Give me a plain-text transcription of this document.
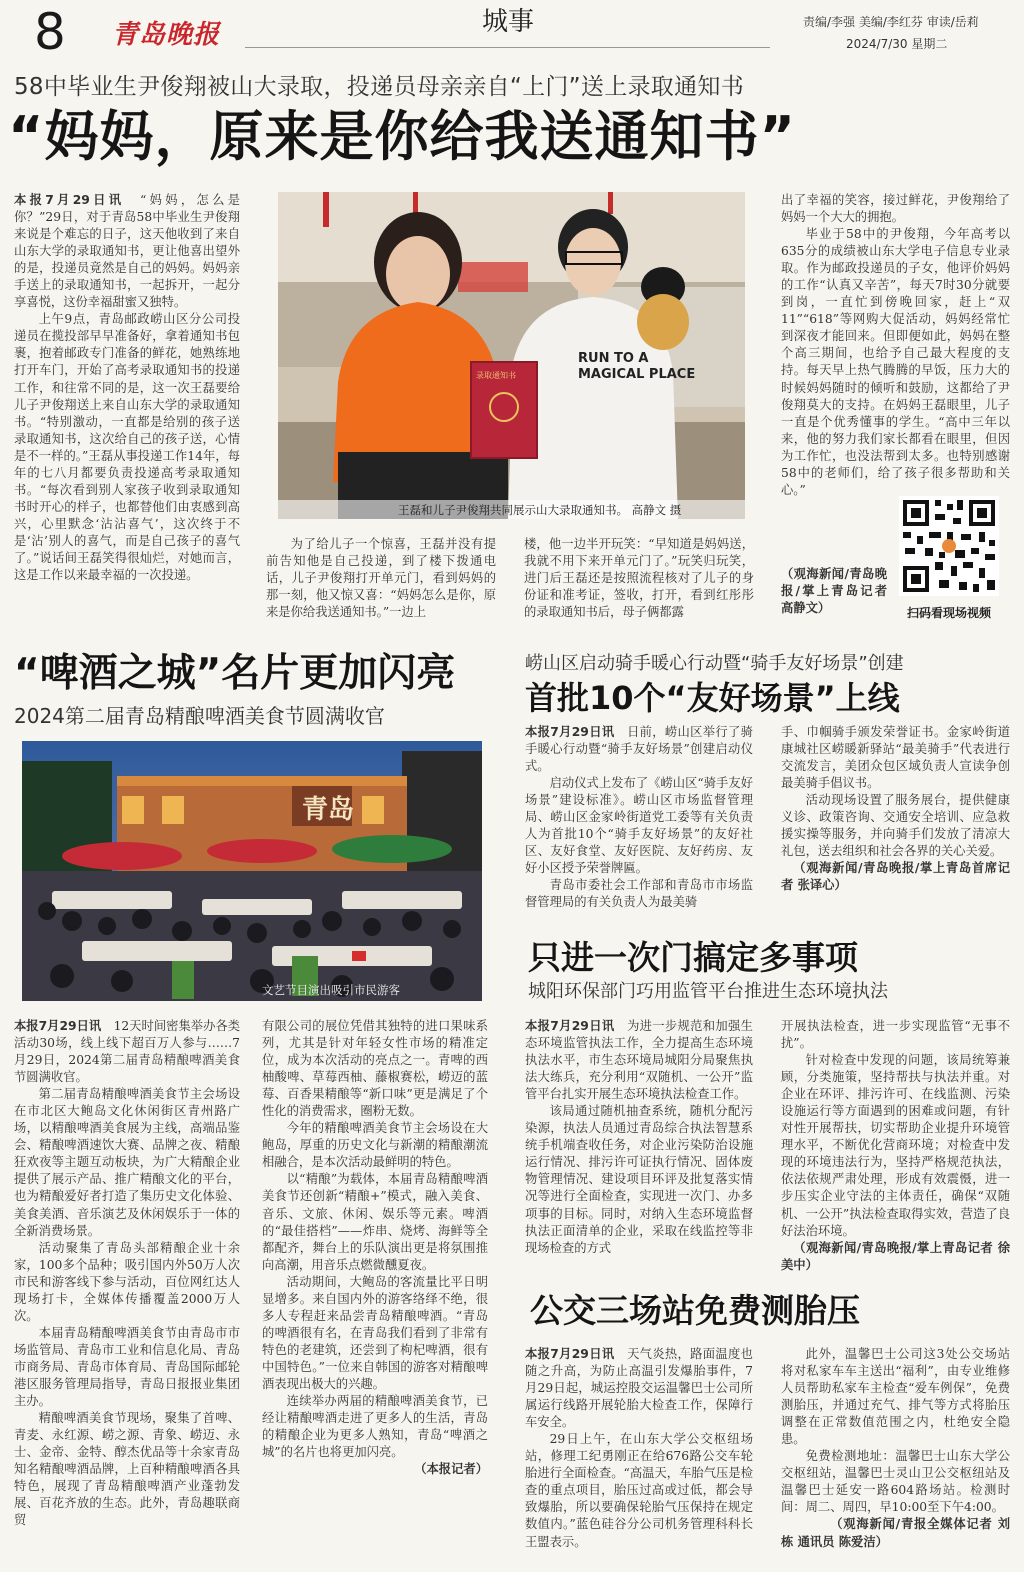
8 青岛晚报	城事	责编/李强 美编/李红芬 审读/岳莉
2024/7/30 星期二
58中毕业生尹俊翔被山大录取，投递员母亲亲自“上门”送上录取通知书
“妈妈，原来是你给我送通知书”

本报7月29日讯　 “妈妈，怎么是你？”29日，对于青岛58中毕业生尹俊翔来说是个难忘的日子，这天他收到了来自山东大学的录取通知书，更让他喜出望外的是，投递员竟然是自己的妈妈。妈妈亲手送上的录取通知书，一起拆开，一起分享喜悦，这份幸福甜蜜又独特。

上午9点，青岛邮政崂山区分公司投递员在揽投部早早准备好，拿着通知书包裹，抱着邮政专门准备的鲜花，她熟练地打开车门，开始了高考录取通知书的投递工作，和往常不同的是，这一次王磊要给儿子尹俊翔送上来自山东大学的录取通知书。“特别激动，一直都是给别的孩子送录取通知书，这次给自己的孩子送，心情是不一样的。”王磊从事投递工作14年，每年的七八月都要负责投递高考录取通知书。“每次看到别人家孩子收到录取通知书时开心的样子，也都替他们由衷感到高兴，心里默念‘沾沾喜气’，这次终于不是‘沾’别人的喜气，而是自己孩子的喜气了。”说话间王磊笑得很灿烂，对她而言，这是工作以来最幸福的一次投递。

RUN TO A
MAGICAL PLACE
录取通知书
王磊和儿子尹俊翔共同展示山大录取通知书。 高静文 摄

为了给儿子一个惊喜，王磊并没有提前告知他是自己投递，到了楼下拨通电话，儿子尹俊翔打开单元门，看到妈妈的那一刻，他又惊又喜：“妈妈怎么是你，原来是你给我送通知书。”一边上

楼，他一边半开玩笑：“早知道是妈妈送，我就不用下来开单元门了。”玩笑归玩笑，进门后王磊还是按照流程核对了儿子的身份证和准考证，签收，打开，看到红彤彤的录取通知书后，母子俩都露

出了幸福的笑容，接过鲜花，尹俊翔给了妈妈一个大大的拥抱。

毕业于58中的尹俊翔，今年高考以635分的成绩被山东大学电子信息专业录取。作为邮政投递员的子女，他评价妈妈的工作“认真又辛苦”，每天7时30分就要到岗，一直忙到傍晚回家，赶上“双11”“618”等网购大促活动，妈妈经常忙到深夜才能回来。但即便如此，妈妈在整个高三期间，也给予自己最大程度的支持。每天早上热气腾腾的早饭，压力大的时候妈妈随时的倾听和鼓励，这都给了尹俊翔莫大的支持。在妈妈王磊眼里，儿子一直是个优秀懂事的学生。“高中三年以来，他的努力我们家长都看在眼里，但因为工作忙，也没法帮到太多。也特别感谢58中的老师们，给了孩子很多帮助和关心。”

（观海新闻/青岛晚报/掌上青岛记者 高静文）	扫码看现场视频
“啤酒之城”名片更加闪亮
2024第二届青岛精酿啤酒美食节圆满收官
青岛
文艺节目演出吸引市民游客

本报7月29日讯　 12天时间密集举办各类活动30场，线上线下超百万人参与……7月29日，2024第二届青岛精酿啤酒美食节圆满收官。

第二届青岛精酿啤酒美食节主会场设在市北区大鲍岛文化休闲街区青州路广场，以精酿啤酒美食展为主线，高端品鉴会、精酿啤酒速饮大赛、品牌之夜、精酿狂欢夜等主题互动板块，为广大精酿企业提供了展示产品、推广精酿文化的平台，也为精酿爱好者打造了集历史文化体验、美食美酒、音乐演艺及休闲娱乐于一体的全新消费场景。

活动聚集了青岛头部精酿企业十余家，100多个品种；吸引国内外50万人次市民和游客线下参与活动，百位网红达人现场打卡，全媒体传播覆盖2000万人次。

本届青岛精酿啤酒美食节由青岛市市场监管局、青岛市工业和信息化局、青岛市商务局、青岛市体育局、青岛国际邮轮港区服务管理局指导，青岛日报报业集团主办。

精酿啤酒美食节现场，聚集了首啤、青麦、永红源、崂之源、青象、崂迈、永士、金帝、金特、醇杰优品等十余家青岛知名精酿啤酒品牌，上百种精酿啤酒各具特色，展现了青岛精酿啤酒产业蓬勃发展、百花齐放的生态。此外，青岛趣联商贸

有限公司的展位凭借其独特的进口果味系列，尤其是针对年轻女性市场的精准定位，成为本次活动的亮点之一。青啤的西柚酸啤、草莓西柚、藤椒赛松，崂迈的蓝莓、百香果精酿等“新口味”更是满足了个性化的消费需求，圈粉无数。

今年的精酿啤酒美食节主会场设在大鲍岛，厚重的历史文化与新潮的精酿潮流相融合，是本次活动最鲜明的特色。

以“精酿”为载体，本届青岛精酿啤酒美食节还创新“精酿+”模式，融入美食、音乐、文旅、休闲、娱乐等元素。啤酒的“最佳搭档”——炸串、烧烤、海鲜等全都配齐，舞台上的乐队演出更是将氛围推向高潮，用音乐点燃微醺夏夜。

活动期间，大鲍岛的客流量比平日明显增多。来自国内外的游客络绎不绝，很多人专程赶来品尝青岛精酿啤酒。“青岛的啤酒很有名，在青岛我们看到了非常有特色的老建筑，还尝到了枸杞啤酒，很有中国特色。”一位来自韩国的游客对精酿啤酒表现出极大的兴趣。

连续举办两届的精酿啤酒美食节，已经让精酿啤酒走进了更多人的生活，青岛的精酿企业为更多人熟知，青岛“啤酒之城”的名片也将更加闪亮。
（本报记者）

崂山区启动骑手暖心行动暨“骑手友好场景”创建
首批10个“友好场景”上线

本报7月29日讯　 日前，崂山区举行了骑手暖心行动暨“骑手友好场景”创建启动仪式。

启动仪式上发布了《崂山区“骑手友好场景”建设标准》。崂山区市场监督管理局、崂山区金家岭街道党工委等有关负责人为首批10个“骑手友好场景”的友好社区、友好食堂、友好医院、友好药房、友好小区授予荣誉牌匾。

青岛市委社会工作部和青岛市市场监督管理局的有关负责人为最美骑

手、巾帼骑手颁发荣誉证书。金家岭街道康城社区崂暖新驿站“最美骑手”代表进行交流发言，美团众包区域负责人宣读争创最美骑手倡议书。

活动现场设置了服务展台，提供健康义诊、政策咨询、交通安全培训、应急救援实操等服务，并向骑手们发放了清凉大礼包，送去组织和社会各界的关心关爱。

（观海新闻/青岛晚报/掌上青岛首席记者 张译心）

只进一次门搞定多事项
城阳环保部门巧用监管平台推进生态环境执法

本报7月29日讯　 为进一步规范和加强生态环境监管执法工作，全力提高生态环境执法水平，市生态环境局城阳分局聚焦执法大练兵，充分利用“双随机、一公开”监管平台扎实开展生态环境执法检查工作。

该局通过随机抽查系统，随机分配污染源，执法人员通过青岛综合执法智慧系统手机端查收任务，对企业污染防治设施运行情况、排污许可证执行情况、固体废物管理情况、建设项目环评及批复落实情况等进行全面检查，实现进一次门、办多项事的目标。同时，对纳入生态环境监督执法正面清单的企业，采取在线监控等非现场检查的方式

开展执法检查，进一步实现监管“无事不扰”。

针对检查中发现的问题，该局统筹兼顾，分类施策，坚持帮扶与执法并重。对企业在环评、排污许可、在线监测、污染设施运行等方面遇到的困难或问题，有针对性开展帮扶，切实帮助企业提升环境管理水平，不断优化营商环境；对检查中发现的环境违法行为，坚持严格规范执法，依法依规严肃处理，形成有效震慑，进一步压实企业守法的主体责任，确保“双随机、一公开”执法检查取得实效，营造了良好法治环境。

（观海新闻/青岛晚报/掌上青岛记者 徐美中）

公交三场站免费测胎压

本报7月29日讯　 天气炎热，路面温度也随之升高，为防止高温引发爆胎事件，7月29日起，城运控股交运温馨巴士公司所属运行线路开展轮胎大检查工作，保障行车安全。

29日上午，在山东大学公交枢纽场站，修理工纪勇刚正在给676路公交车轮胎进行全面检查。“高温天，车胎气压是检查的重点项目，胎压过高或过低，都会导致爆胎，所以要确保轮胎气压保持在规定数值内。”蓝色硅谷分公司机务管理科科长王盟表示。

此外，温馨巴士公司这3处公交场站将对私家车车主送出“福利”，由专业维修人员帮助私家车主检查“爱车例保”，免费测胎压，并通过充气、排气等方式将胎压调整在正常数值范围之内，杜绝安全隐患。

免费检测地址：温馨巴士山东大学公交枢纽站，温馨巴士灵山卫公交枢纽站及温馨巴士延安一路604路场站。检测时间：周二、周四，早10:00至下午4:00。

（观海新闻/青报全媒体记者 刘栋 通讯员 陈爱洁）
